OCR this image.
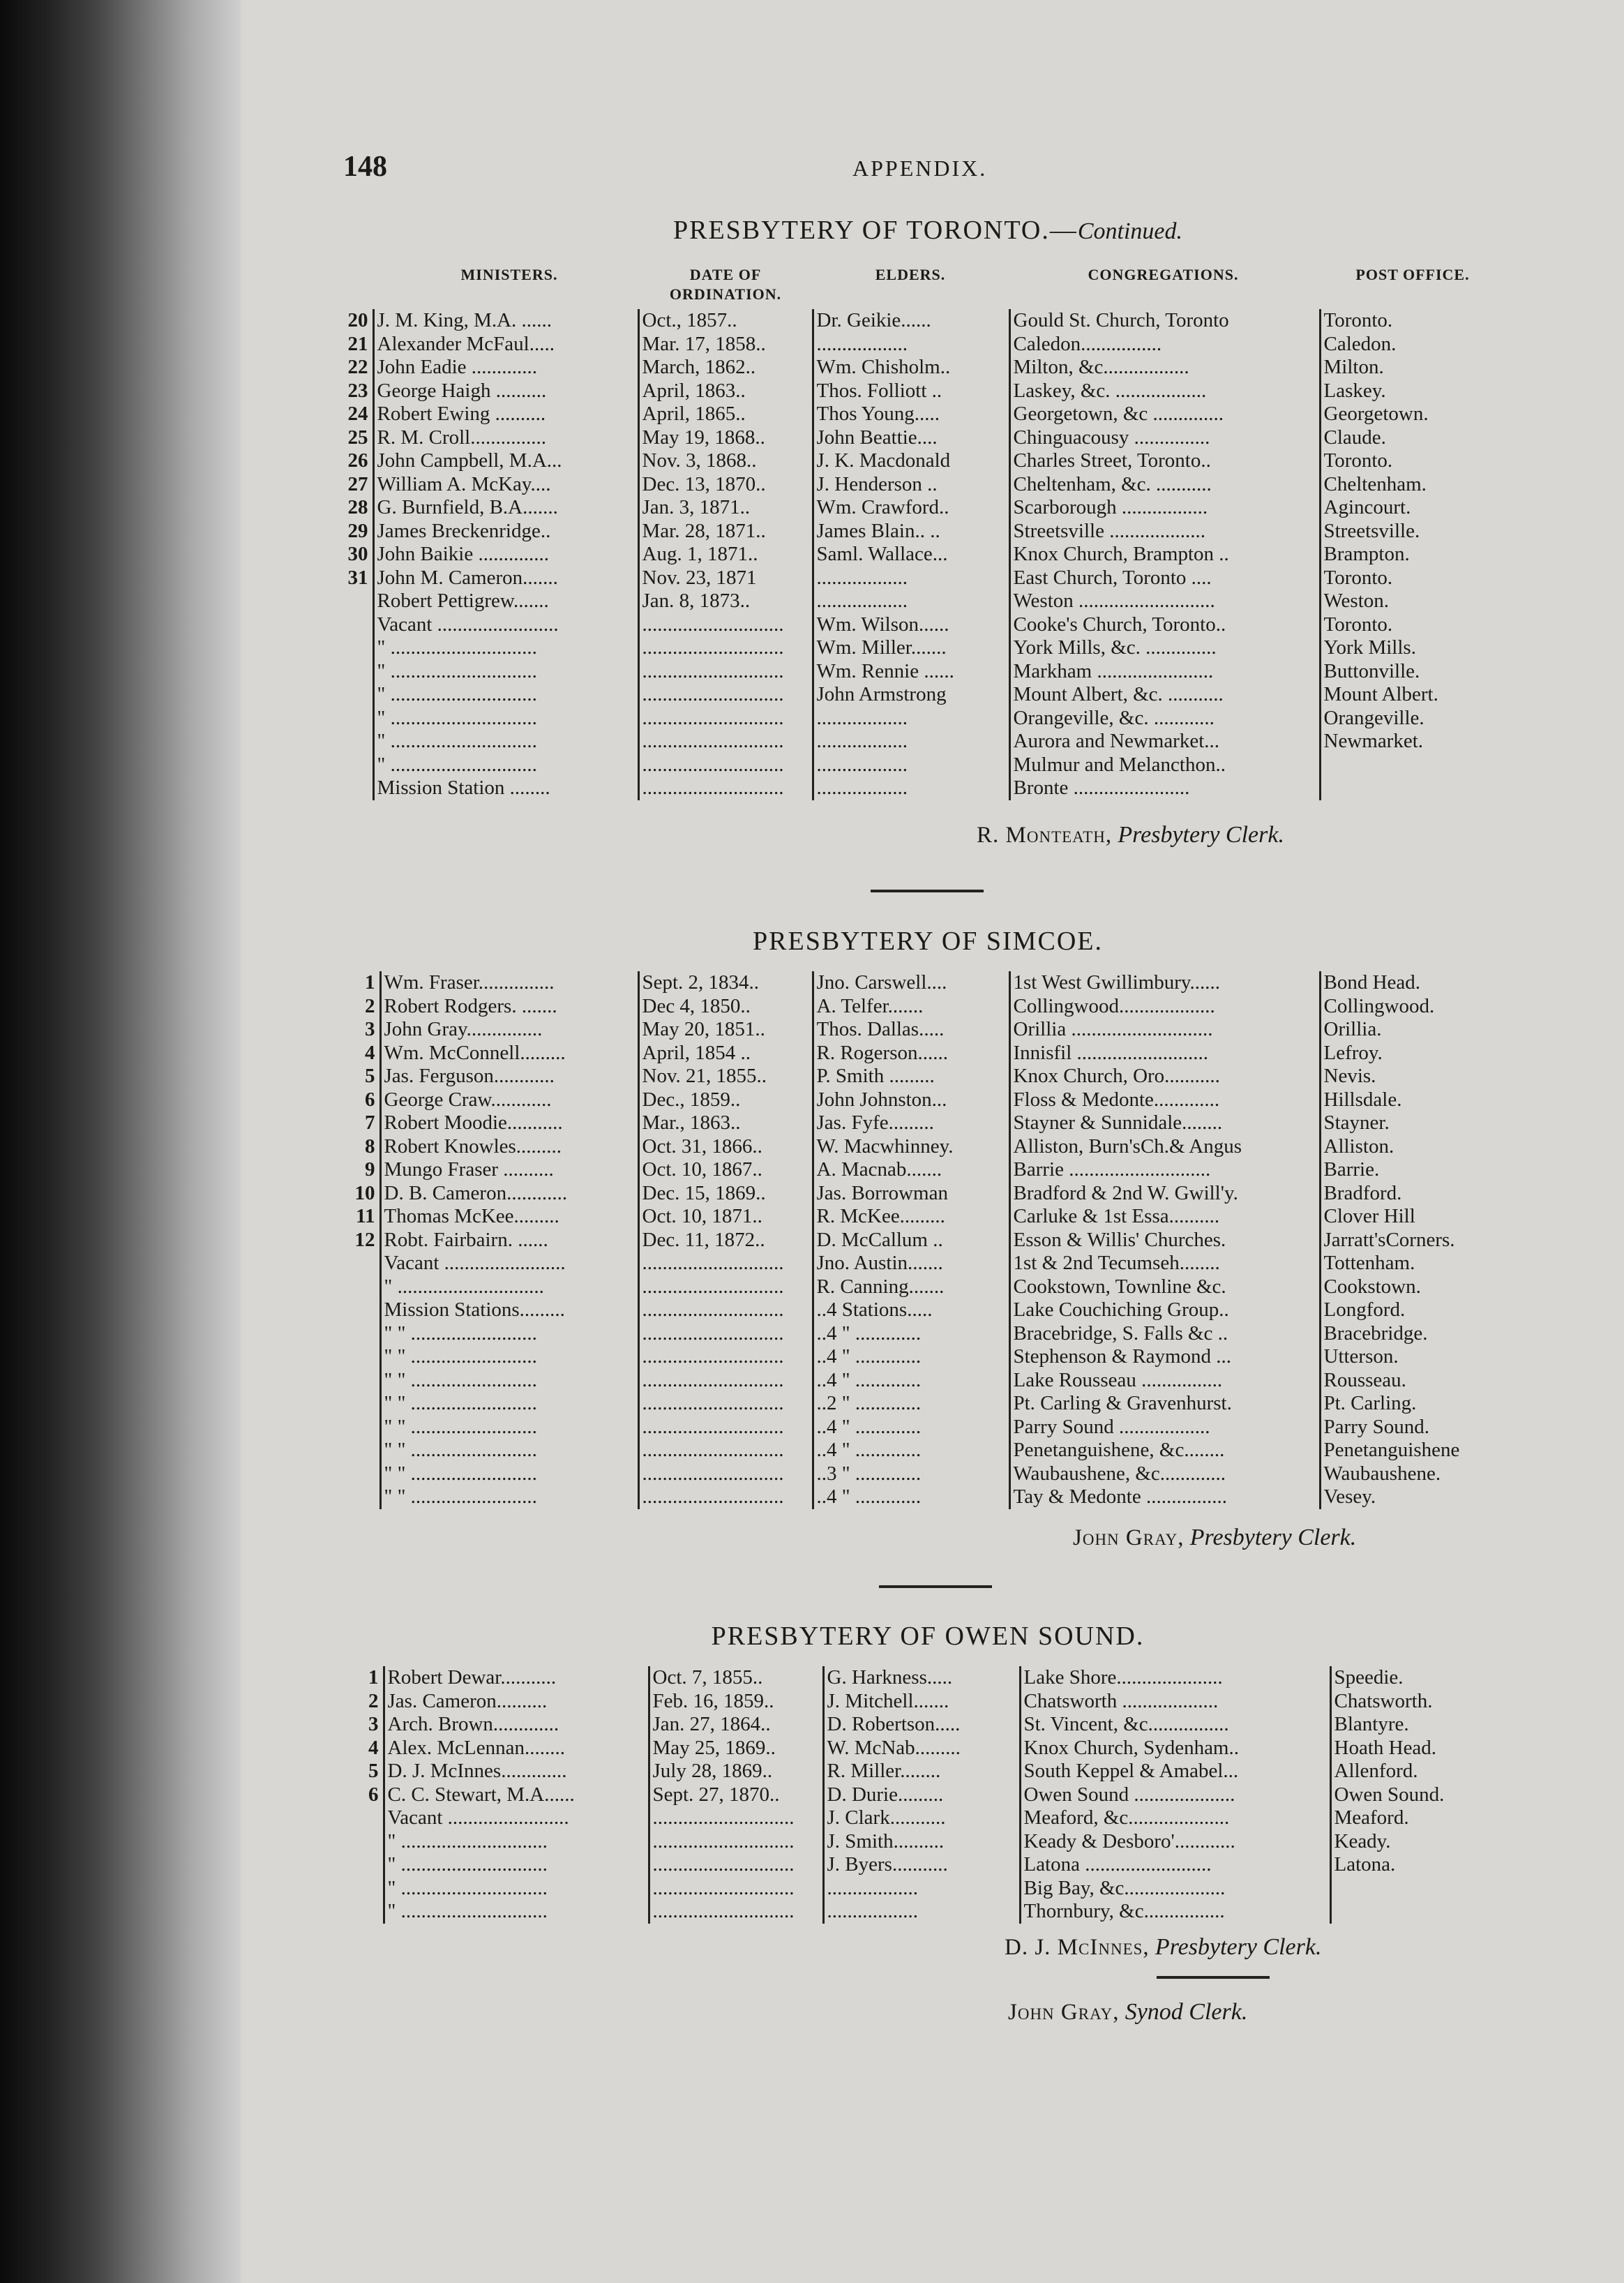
148	APPENDIX.
PRESBYTERY OF TORONTO.—Continued.
MINISTERS.	DATE OF ORDINATION.
ELDERS.	CONGREGATIONS.	POST OFFICE.
20	J. M. King, M.A. ......	Oct., 1857..	Dr. Geikie......	Gould St. Church, Toronto	Toronto.
21	Alexander McFaul.....	Mar. 17, 1858..	..................	Caledon................	Caledon.
22	John Eadie .............	March, 1862..	Wm. Chisholm..	Milton, &c.................	Milton.
23	George Haigh ..........	April, 1863..	Thos. Folliott ..	Laskey, &c. ..................	Laskey.
24	Robert Ewing ..........	April, 1865..	Thos Young.....	Georgetown, &c ..............	Georgetown.
25	R. M. Croll...............	May 19, 1868..	John Beattie....	Chinguacousy ...............	Claude.
26	John Campbell, M.A...	Nov. 3, 1868..	J. K. Macdonald	Charles Street, Toronto..	Toronto.
27	William A. McKay....	Dec. 13, 1870..	J. Henderson ..	Cheltenham, &c. ...........	Cheltenham.
28	G. Burnfield, B.A.......	Jan. 3, 1871..	Wm. Crawford..	Scarborough .................	Agincourt.
29	James Breckenridge..	Mar. 28, 1871..	James Blain.. ..	Streetsville ...................	Streetsville.
30	John Baikie ..............	Aug. 1, 1871..	Saml. Wallace...	Knox Church, Brampton ..	Brampton.
31	John M. Cameron.......	Nov. 23, 1871	..................	East Church, Toronto ....	Toronto.
	Robert Pettigrew.......	Jan. 8, 1873..	..................	Weston ...........................	Weston.
	Vacant ........................	............................	Wm. Wilson......	Cooke's Church, Toronto..	Toronto.
	" .............................	............................	Wm. Miller.......	York Mills, &c. ..............	York Mills.
	" .............................	............................	Wm. Rennie ......	Markham .......................	Buttonville.
	" .............................	............................	John Armstrong	Mount Albert, &c. ...........	Mount Albert.
	" .............................	............................	..................	Orangeville, &c. ............	Orangeville.
	" .............................	............................	..................	Aurora and Newmarket...	Newmarket.
	" .............................	............................	..................	Mulmur and Melancthon..	
	Mission Station ........	............................	..................	Bronte .......................	
R. Monteath, Presbytery Clerk.
PRESBYTERY OF SIMCOE.
1	Wm. Fraser...............	Sept. 2, 1834..	Jno. Carswell....	1st West Gwillimbury......	Bond Head.
2	Robert Rodgers. .......	Dec 4, 1850..	A. Telfer.......	Collingwood...................	Collingwood.
3	John Gray...............	May 20, 1851..	Thos. Dallas.....	Orillia ............................	Orillia.
4	Wm. McConnell.........	April, 1854 ..	R. Rogerson......	Innisfil ..........................	Lefroy.
5	Jas. Ferguson............	Nov. 21, 1855..	P. Smith .........	Knox Church, Oro...........	Nevis.
6	George Craw............	Dec., 1859..	John Johnston...	Floss & Medonte.............	Hillsdale.
7	Robert Moodie...........	Mar., 1863..	Jas. Fyfe.........	Stayner & Sunnidale........	Stayner.
8	Robert Knowles.........	Oct. 31, 1866..	W. Macwhinney.	Alliston, Burn'sCh.& Angus	Alliston.
9	Mungo Fraser ..........	Oct. 10, 1867..	A. Macnab.......	Barrie ............................	Barrie.
10	D. B. Cameron............	Dec. 15, 1869..	Jas. Borrowman	Bradford & 2nd W. Gwill'y.	Bradford.
11	Thomas McKee.........	Oct. 10, 1871..	R. McKee.........	Carluke & 1st Essa..........	Clover Hill
12	Robt. Fairbairn. ......	Dec. 11, 1872..	D. McCallum ..	Esson & Willis' Churches.	Jarratt'sCorners.
	Vacant ........................	............................	Jno. Austin.......	1st & 2nd Tecumseh........	Tottenham.
	" .............................	............................	R. Canning.......	Cookstown, Townline &c.	Cookstown.
	Mission Stations.........	............................	..4 Stations.....	Lake Couchiching Group..	Longford.
	" " .........................	............................	..4 " .............	Bracebridge, S. Falls &c ..	Bracebridge.
	" " .........................	............................	..4 " .............	Stephenson & Raymond ...	Utterson.
	" " .........................	............................	..4 " .............	Lake Rousseau ................	Rousseau.
	" " .........................	............................	..2 " .............	Pt. Carling & Gravenhurst.	Pt. Carling.
	" " .........................	............................	..4 " .............	Parry Sound ..................	Parry Sound.
	" " .........................	............................	..4 " .............	Penetanguishene, &c........	Penetanguishene
	" " .........................	............................	..3 " .............	Waubaushene, &c.............	Waubaushene.
	" " .........................	............................	..4 " .............	Tay & Medonte ................	Vesey.
John Gray, Presbytery Clerk.
PRESBYTERY OF OWEN SOUND.
1	Robert Dewar...........	Oct. 7, 1855..	G. Harkness.....	Lake Shore.....................	Speedie.
2	Jas. Cameron..........	Feb. 16, 1859..	J. Mitchell.......	Chatsworth ...................	Chatsworth.
3	Arch. Brown.............	Jan. 27, 1864..	D. Robertson.....	St. Vincent, &c................	Blantyre.
4	Alex. McLennan........	May 25, 1869..	W. McNab.........	Knox Church, Sydenham..	Hoath Head.
5	D. J. McInnes.............	July 28, 1869..	R. Miller........	South Keppel & Amabel...	Allenford.
6	C. C. Stewart, M.A......	Sept. 27, 1870..	D. Durie.........	Owen Sound ....................	Owen Sound.
	Vacant ........................	............................	J. Clark...........	Meaford, &c....................	Meaford.
	" .............................	............................	J. Smith..........	Keady & Desboro'............	Keady.
	" .............................	............................	J. Byers...........	Latona .........................	Latona.
	" .............................	............................	..................	Big Bay, &c....................	
	" .............................	............................	..................	Thornbury, &c................	
D. J. McInnes, Presbytery Clerk.
John Gray, Synod Clerk.
